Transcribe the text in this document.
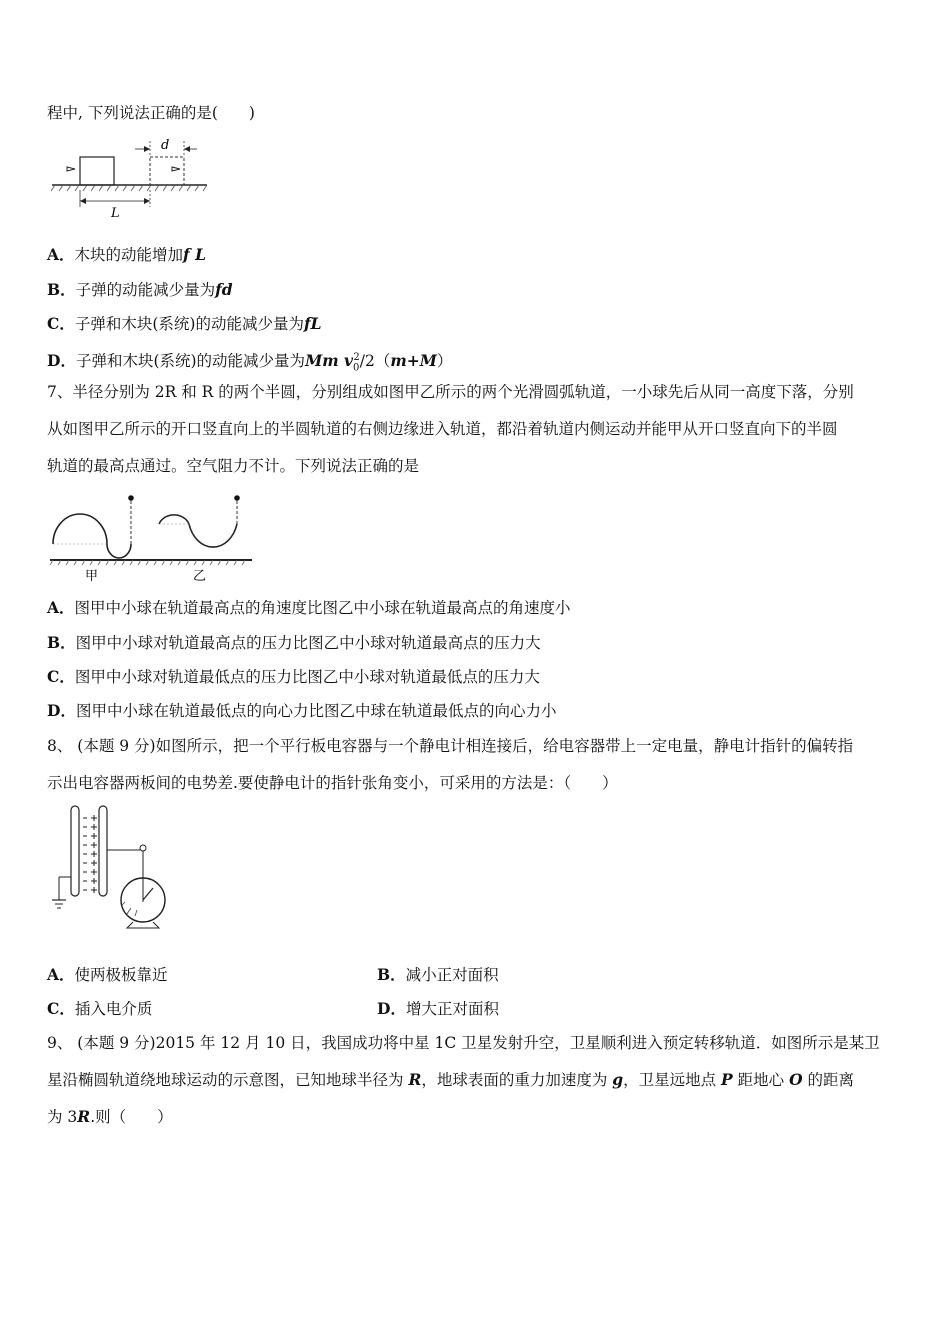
程中, 下列说法正确的是(　　)
d
L
A．木块的动能增加f L
B．子弹的动能减少量为fd
C．子弹和木块(系统)的动能减少量为fL
D．子弹和木块(系统)的动能减少量为Mm $v_0^2/2(m+M)$
7、半径分别为 2R 和 R 的两个半圆，分别组成如图甲乙所示的两个光滑圆弧轨道，一小球先后从同一高度下落，分别
从如图甲乙所示的开口竖直向上的半圆轨道的右侧边缘进入轨道，都沿着轨道内侧运动并能甲从开口竖直向下的半圆
轨道的最高点通过。空气阻力不计。下列说法正确的是
甲	乙
A．图甲中小球在轨道最高点的角速度比图乙中小球在轨道最高点的角速度小
B．图甲中小球对轨道最高点的压力比图乙中小球对轨道最高点的压力大
C．图甲中小球对轨道最低点的压力比图乙中小球对轨道最低点的压力大
D．图甲中小球在轨道最低点的向心力比图乙中球在轨道最低点的向心力小
8、 (本题 9 分)如图所示，把一个平行板电容器与一个静电计相连接后，给电容器带上一定电量，静电计指针的偏转指
示出电容器两板间的电势差.要使静电计的指针张角变小，可采用的方法是：（　　）
A．使两极板靠近	B．减小正对面积
C．插入电介质	D．增大正对面积
9、 (本题 9 分)2015 年 12 月 10 日，我国成功将中星 1C 卫星发射升空，卫星顺利进入预定转移轨道．如图所示是某卫
星沿椭圆轨道绕地球运动的示意图，已知地球半径为 R，地球表面的重力加速度为 g，卫星远地点 P 距地心 O 的距离
为 3R.则（　　）
